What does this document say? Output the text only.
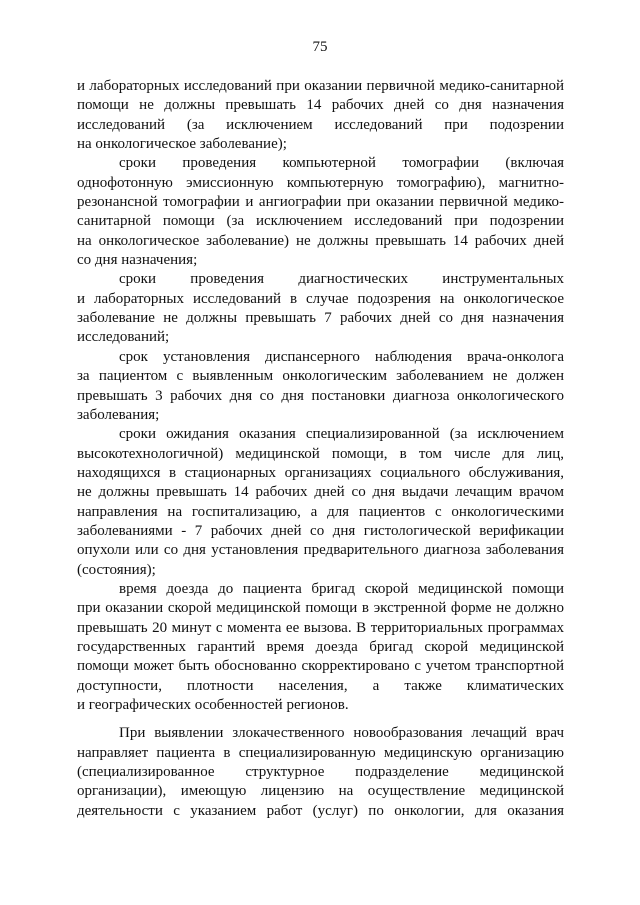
75

и лабораторных исследований при оказании первичной медико-санитарной
помощи не должны превышать 14 рабочих дней со дня назначения
исследований (за исключением исследований при подозрении
на онкологическое заболевание);

сроки проведения компьютерной томографии (включая
однофотонную эмиссионную компьютерную томографию), магнитно-
резонансной томографии и ангиографии при оказании первичной медико-
санитарной помощи (за исключением исследований при подозрении
на онкологическое заболевание) не должны превышать 14 рабочих дней
со дня назначения;

сроки проведения диагностических инструментальных
и лабораторных исследований в случае подозрения на онкологическое
заболевание не должны превышать 7 рабочих дней со дня назначения
исследований;

срок установления диспансерного наблюдения врача-онколога
за пациентом с выявленным онкологическим заболеванием не должен
превышать 3 рабочих дня со дня постановки диагноза онкологического
заболевания;

сроки ожидания оказания специализированной (за исключением
высокотехнологичной) медицинской помощи, в том числе для лиц,
находящихся в стационарных организациях социального обслуживания,
не должны превышать 14 рабочих дней со дня выдачи лечащим врачом
направления на госпитализацию, а для пациентов с онкологическими
заболеваниями - 7 рабочих дней со дня гистологической верификации
опухоли или со дня установления предварительного диагноза заболевания
(состояния);

время доезда до пациента бригад скорой медицинской помощи
при оказании скорой медицинской помощи в экстренной форме не должно
превышать 20 минут с момента ее вызова. В территориальных программах
государственных гарантий время доезда бригад скорой медицинской
помощи может быть обоснованно скорректировано с учетом транспортной
доступности, плотности населения, а также климатических
и географических особенностей регионов.

При выявлении злокачественного новообразования лечащий врач
направляет пациента в специализированную медицинскую организацию
(специализированное структурное подразделение медицинской
организации), имеющую лицензию на осуществление медицинской
деятельности с указанием работ (услуг) по онкологии, для оказания
